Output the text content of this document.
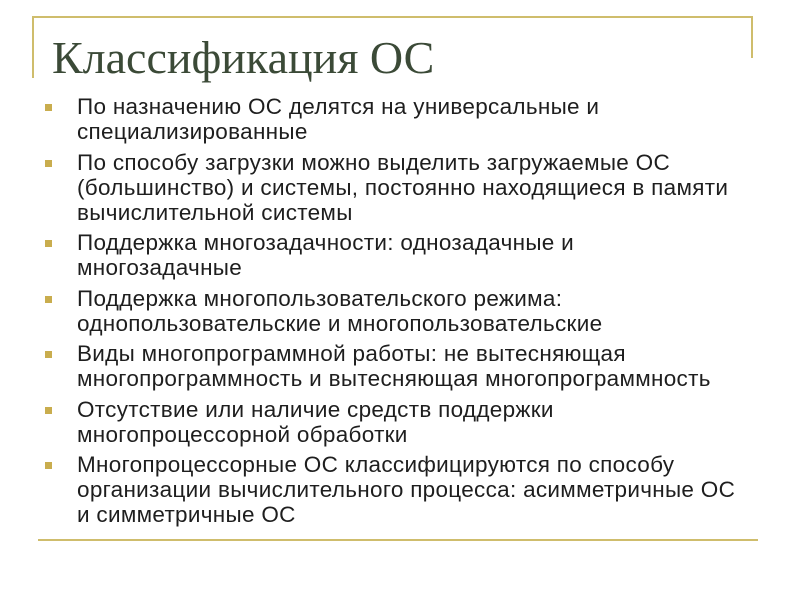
Классификация ОС
По назначению ОС делятся на универсальные и
специализированные
По способу загрузки можно выделить загружаемые ОС
(большинство) и системы, постоянно находящиеся в памяти
вычислительной системы
Поддержка многозадачности: однозадачные и
многозадачные
Поддержка многопользовательского режима:
однопользовательские и многопользовательские
Виды многопрограммной работы: не вытесняющая
многопрограммность и вытесняющая многопрограммность
Отсутствие или наличие средств поддержки
многопроцессорной обработки
Многопроцессорные ОС классифицируются по способу
организации вычислительного процесса: асимметричные ОС
и симметричные ОС
